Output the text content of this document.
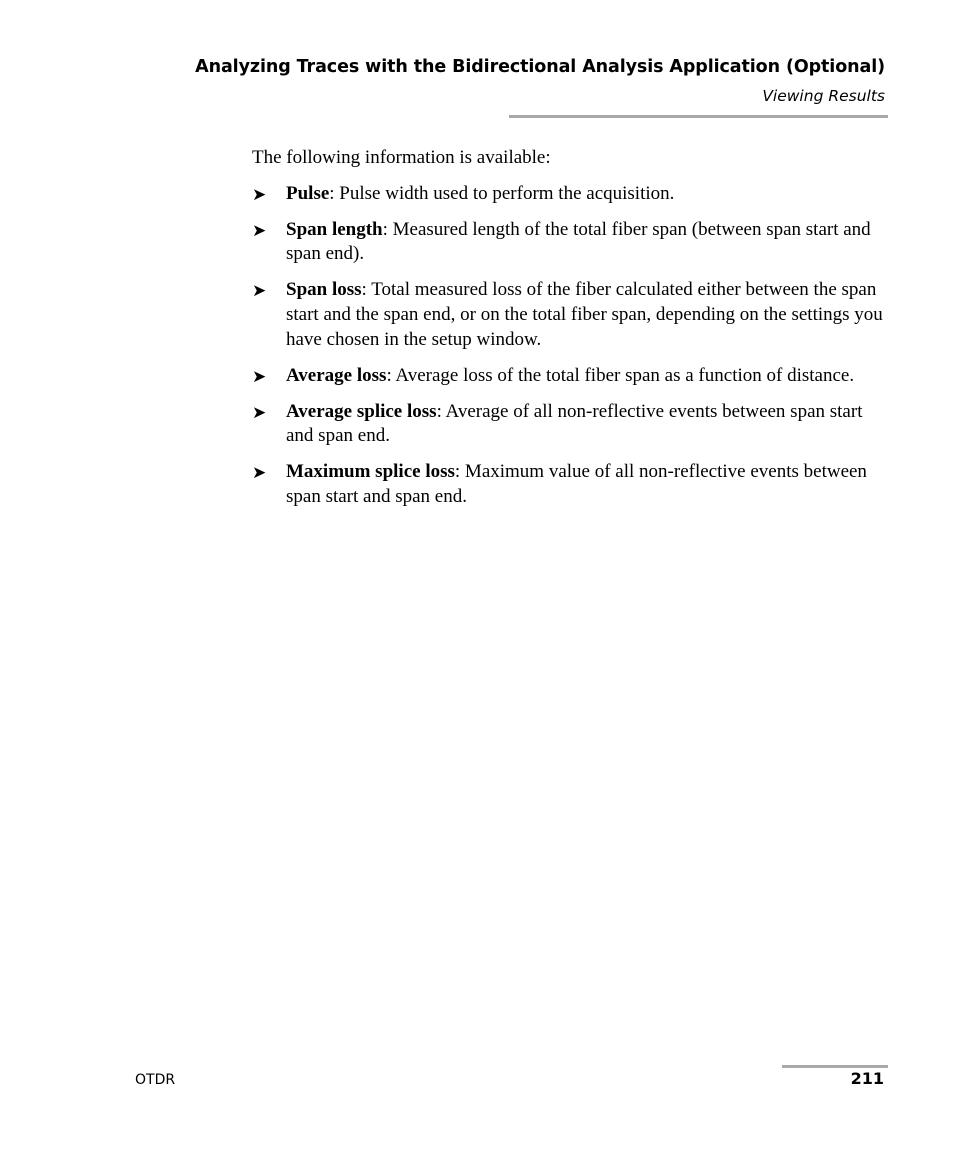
Analyzing Traces with the Bidirectional Analysis Application (Optional)
Viewing Results

The following information is available:

➤ Pulse: Pulse width used to perform the acquisition.
➤ Span length: Measured length of the total fiber span (between span start and span end).
➤ Span loss: Total measured loss of the fiber calculated either between the span start and the span end, or on the total fiber span, depending on the settings you have chosen in the setup window.
➤ Average loss: Average loss of the total fiber span as a function of distance.
➤ Average splice loss: Average of all non-reflective events between span start and span end.
➤ Maximum splice loss: Maximum value of all non-reflective events between span start and span end.
OTDR	211
